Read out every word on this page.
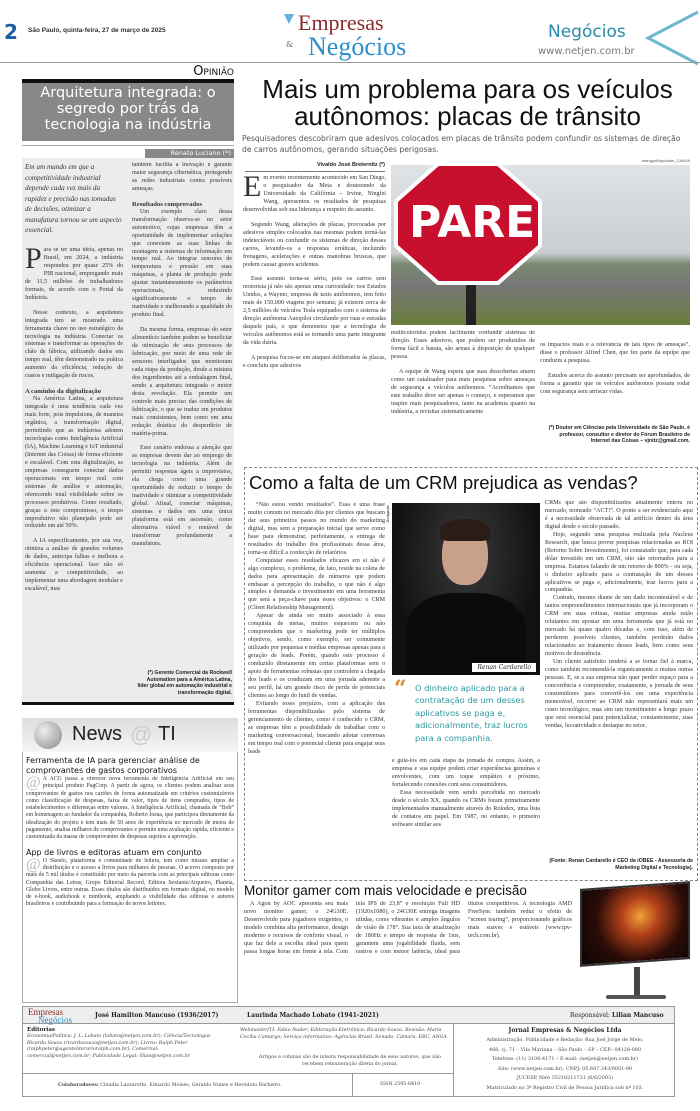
2 São Paulo, quinta-feira, 27 de março de 2025	Empresas
& Negócios	Negócios
www.netjen.com.br
Opinião
Arquitetura integrada: o segredo por trás da tecnologia na indústria
Renato Luciano (*)
Em um mundo em que a competitividade industrial depende cada vez mais da rapidez e precisão nas tomadas de decisões, otimizar a manufatura tornou se um aspecto essencial.

Para se ter uma ideia, apenas no Brasil, em 2024, a indústria respondeu por quase 25% do PIB nacional, empregando mais de 11,5 milhões de trabalhadores formais, de acordo com o Portal da Indústria.

Nesse contexto, a arquitetura integrada tem se mostrado uma ferramenta chave no uso estratégico da tecnologia na indústria. Conectar os sistemas e transformar as operações de chão de fábrica, utilizando dados em tempo real, têm demonstrado na prática aumento da eficiência, redução de custos e mitigação de riscos.

A caminho da digitalização

Na América Latina, a arquitetura integrada é uma tendência cada vez mais forte, pois impulsiona, de maneira orgânica, a transformação digital, permitindo que as indústrias adotem tecnologias como Inteligência Artificial (IA), Machine Learning e IoT industrial (Internet das Coisas) de forma eficiente e escalável. Com esta digitalização, as empresas conseguem conectar dados operacionais em tempo real com sistemas de análise e automação, oferecendo total visibilidade sobre os processos produtivos. Como resultado, graças a este compromisso, o tempo improdutivo não planejado pode ser reduzido em até 50%.

A IA especificamente, por sua vez, otimiza a análise de grandes volumes de dados, antecipa falhas e melhora a eficiência operacional. Isso não só aumenta a competitividade, ao implementar uma abordagem modular e escalável, mas

também facilita a inovação e garante maior segurança cibernética, protegendo as redes industriais contra possíveis ameaças.

Resultados comprovados

Um exemplo claro dessa transformação observa-se no setor automotivo, cujas empresas têm a oportunidade de implementar soluções que conectem as suas linhas de montagem a sistemas de informação em tempo real. Ao integrar sensores de temperatura e pressão em suas máquinas, a planta de produção pode ajustar instantaneamente os parâmetros operacionais, reduzindo significativamente o tempo de inatividade e melhorando a qualidade do produto final.

Da mesma forma, empresas do setor alimentício também podem se beneficiar da otimização de seus processos de fabricação, por meio de uma rede de sensores interligados que monitoram cada etapa da produção, desde a mistura dos ingredientes até a embalagem final, sendo a arquitetura integrada o motor desta revolução. Ela permite um controle mais preciso das condições de fabricação, o que se traduz em produtos mais consistentes, bem como em uma redução drástica do desperdício de matéria-prima.

Esse cenário endossa a atenção que as empresas devem dar ao emprego de tecnologia na indústria. Além de permitir respostas ágeis a imprevistos, ela chega como uma grande oportunidade de reduzir o tempo de inatividade e otimizar a competitividade global. Afinal, conectar máquinas, sistemas e dados em uma única plataforma está em ascensão, como alternativa viável e rentável de transformar profundamente a manufatura.

(*) Gerente Comercial da Rockwell Automation para a América Latina, líder global em automação industrial e transformação digital.
Mais um problema para os veículos autônomos: placas de trânsito
Pesquisadores descobriram que adesivos colocados em placas de trânsito podem confundir os sistemas de direção de carros autônomos, gerando situações perigosas.
mangpoll/stphotos_CANVA
Vivaldo José Breternitz (*)

Em evento recentemente acontecido em San Diego, o pesquisador da Meta e doutorando da Universidade da Califórnia – Irvine, Ningfei Wang, apresentou os resultados de pesquisas desenvolvidas sob sua liderança a respeito do assunto.

Segundo Wang, alterações de placas, provocadas por adesivos simples colocados nas mesmas podem torná-las indetectáveis ou confundir os sistemas de direção desses carros, levando-os a respostas erráticas, incluindo frenagens, acelerações e outras manobras bruscas, que podem causar graves acidentes.

Esse assunto torna-se sério, pois os carros sem motorista já não são apenas uma curiosidade: nos Estados Unidos, a Waymo, empresa de taxis autônomos, tem feito mais de 150.000 viagens por semana; já existem cerca de 2,5 milhões de veículos Tesla equipados com o sistema de direção autônoma Autopilot circulando por ruas e estradas daquele país, o que demonstra que a tecnologia de veículos autônomos está se tornando uma parte integrante da vida diária.

A pesquisa focou-se em ataques deliberados às placas, e concluiu que adesivos

PARE

multicoloridos podem facilmente confundir sistemas de direção. Esses adesivos, que podem ser produzidos de forma fácil e barata, são armas à disposição de qualquer pessoa.

A equipe de Wang espera que suas descobertas atuem como um catalisador para mais pesquisas sobre ameaças de segurança a veículos autônomos. “Acreditamos que este trabalho deve ser apenas o começo, e esperamos que inspire mais pesquisadores, tanto na academia quanto na indústria, a revisitar sistematicamente

os impactos reais e a relevância de tais tipos de ameaças”, disse o professor Alfred Chen, que fez parte da equipe que conduziu a pesquisa.

Estudos acerca do assunto precisam ser aprofundados, de forma a garantir que os veículos autônomos possam rodar com segurança sem arriscar vidas.

(*) Doutor em Ciências pela Universidade de São Paulo, é professor, consultor e diretor do Fórum Brasileiro de Internet das Coisas – vjnitz@gmail.com.
Como a falta de um CRM prejudica as vendas?

“Não estou vendo resultados”. Essa é uma frase muito comum no mercado dita por clientes que buscam dar seus primeiros passos no mundo do marketing digital, mas sem a preparação inicial que serve como base para demonstrar, perfeitamente, a entrega de resultados do trabalho dos profissionais dessa área, torna-se difícil a confecção de relatórios.

Conquistar esses resultados eficazes em si não é algo complexo, o problema, de fato, reside na coleta de dados para apresentação de números que podem embasar a percepção do trabalho, o que não é algo simples e demanda o investimento em uma ferramenta que será a peça-chave para esses objetivos: o CRM (Client Relationship Management).

Apesar de ainda ser muito associado à essa conquista de metas, muitos esquecem ou não compreendem que o marketing pode ter múltiplos objetivos, sendo, como exemplo, ser comumente utilizado por pequenas e médias empresas apenas para a geração de leads. Porém, quando este processo é conduzido diretamente em certas plataformas sem o apoio de ferramentas robustas que controlem a chegada dos leads e os conduzam em uma jornada aderente a seu perfil, há um grande risco de perda de potenciais clientes ao longo do funil de vendas.

Evitando esses prejuízos, com a aplicação das ferramentas disponibilizadas pelo sistema de gerenciamento de clientes, como é conhecido o CRM, as empresas têm a possibilidade de trabalhar com o marketing conversacional, buscando adotar conversas em tempo real com o potencial cliente para engajar seus leads

Divulgação
Renan Cardarello
“ O dinheiro aplicado para a contratação de um desses aplicativos se paga e, adicionalmente, traz lucros para a companhia.

e guiá-los em cada etapa da jornada de compra. Assim, a empresa e sua equipe podem criar experiências genuínas e envolventes, com um toque empático e próximo, fortalecendo conexões com seus consumidores.

Essa necessidade vem sendo percebida no mercado desde o século XX, quando os CRMs foram primeiramente implementados manualmente através do Rolodex, uma lista de contatos em papel. Em 1987, no entanto, o primeiro software similar aos

CRMs que são disponibilizados atualmente entrou no mercado, nomeado “ACT!”. O ponto a ser evidenciado aqui é a necessidade observada de tal artifício dentro da área digital desde o século passado.

Hoje, segundo uma pesquisa realizada pela Nucleus Research, que busca prover pesquisas relacionadas ao ROI (Retorno Sobre Investimento), foi constatado que, para cada dólar investido em um CRM, oito são retornados para a empresa. Estamos falando de um retorno de 800% - ou seja, o dinheiro aplicado para a contratação de um desses aplicativos se paga e, adicionalmente, traz lucros para a companhia.

Contudo, mesmo diante de um dado incontestável e de tantos empreendimentos internacionais que já incorporam o CRM em suas rotinas, muitas empresas ainda estão relutantes em apostar em uma ferramenta que já está no mercado há quase quatro décadas e, com isso, além de perderem possíveis clientes, também perderão dados relacionados ao tratamento desses leads, bem como seus motivos de desistência.

Um cliente satisfeito tenderá a se tornar fiel à marca, como também recomendá-la organicamente a muitas outras pessoas. E, se a sua empresa não quer perder espaço para a concorrência e compreender, exatamente, a jornada de seus consumidores para convertê-los em uma experiência memorável, recorrer ao CRM não representará mais um custo tecnológico, mas sim um investimento a longo prazo que será essencial para potencializar, constantemente, suas vendas, lucratividade e destaque no setor.

(Fonte: Renan Cardarello é CEO da iOBEE - Assessoria de Marketing Digital e Tecnologia).
News @ TI
Ferramenta de IA para gerenciar análise de comprovantes de gastos corporativos
@ A ACG passa a oferecer nova ferramenta de Inteligência Artificial em seu principal produto PagCorp. A partir de agora, os clientes podem analisar seus comprovantes de gastos nos cartões de forma automatizada em critérios customizáveis como classificação de despesas, faixa de valor, tipos de itens comprados, tipos de estabelecimentos e diferenças entre valores. A Inteligência Artificial, chamada de “Bob” em homenagem ao fundador da companhia, Roberto Josua, que participou diretamente da idealização do projeto e tem mais de 50 anos de experiência no mercado de meios de pagamento, analisa milhares de comprovantes e permite uma avaliação rápida, eficiente e customizada da massa de comprovantes de despesas sujeitos a aprovação.
App de livros e editoras atuam em conjunto
@ O Skeelo, plataforma e comunidade de leitura, tem como missão ampliar a distribuição e o acesso a livros para milhares de pessoas. O acervo composto por mais de 5 mil títulos é constituído por meio da parceria com as principais editoras como Companhia das Letras, Grupo Editorial Record, Editora Sextante/Arqueiro, Planeta, Globo Livros, entre outras. Esses títulos são distribuídos em formato digital, no modelo de e-book, audiobook e minibook, ampliando a visibilidade das editoras e autores brasileiros e contribuindo para a formação de novos leitores.
Monitor gamer com mais velocidade e precisão
A Agon by AOC apresenta seu mais novo monitor gamer, o 24G30E. Desenvolvido para jogadores exigentes, o modelo combina alta performance, design moderno e recursos de conforto visual, o que faz dele a escolha ideal para quem passa longas horas em frente à tela. Com tela IPS de 23,8” e resolução Full HD (1920x1080), o 24G30E entrega imagens nítidas, cores vibrantes e amplos ângulos de visão de 178°. Sua taxa de atualização de 180Hz e tempo de resposta de 1ms, garantem uma jogabilidade fluida, sem rastros e com menor latência, ideal para títulos competitivos. A tecnologia AMD FreeSync também reduz o efeito de “screen tearing”, proporcionando gráficos mais suaves e estáveis (www.tpv-tech.com.br).
Empresas
Negócios	José Hamilton Mancuso (1936/2017)	Laurinda Machado Lobato (1941-2021)	Responsável: Lilian Mancuso
Editorias
Economia/Política: J. L. Lobato (lobato@netjen.com.br); Ciência/Tecnologia: Ricardo Souza (ricardosouza@netjen.com.br); Livros: Ralph Peter (ralphpeter@agenteliterarioralph.com.br); Comercial: comercial@netjen.com.br; Publicidade Legal: lilian@netjen.com.br
Webmaster/TI: Fabio Nader; Editoração Eletrônica: Ricardo Souza. Revisão: Maria Cecília Camargo; Serviço informativo: Agências Brasil, Senado, Câmara, EBC, ANSA.
Artigos e colunas são de inteira responsabilidade de seus autores, que não recebem remuneração direta do jornal.
Colaboradores: Claudia Lazzarotto, Eduardo Moisés, Geraldo Nunes e Heródoto Barbeiro.	ISSN 2595-8410
Jornal Empresas & Negócios Ltda
Administração, Publicidade e Redação: Rua Joel Jorge de Melo,
468, cj. 71 – Vila Mariana – São Paulo – SP – CEP.: 04128-080
Telefone: (11) 3106-4171 – E-mail: (netjen@netjen.com.br)
Site: (www.netjen.com.br). CNPJ: 05.687.343/0001-90
JUCESP, Nire 35218211731 (6/6/2003)
Matriculado no 3º Registro Civil de Pessoa Jurídica sob nº 103.
